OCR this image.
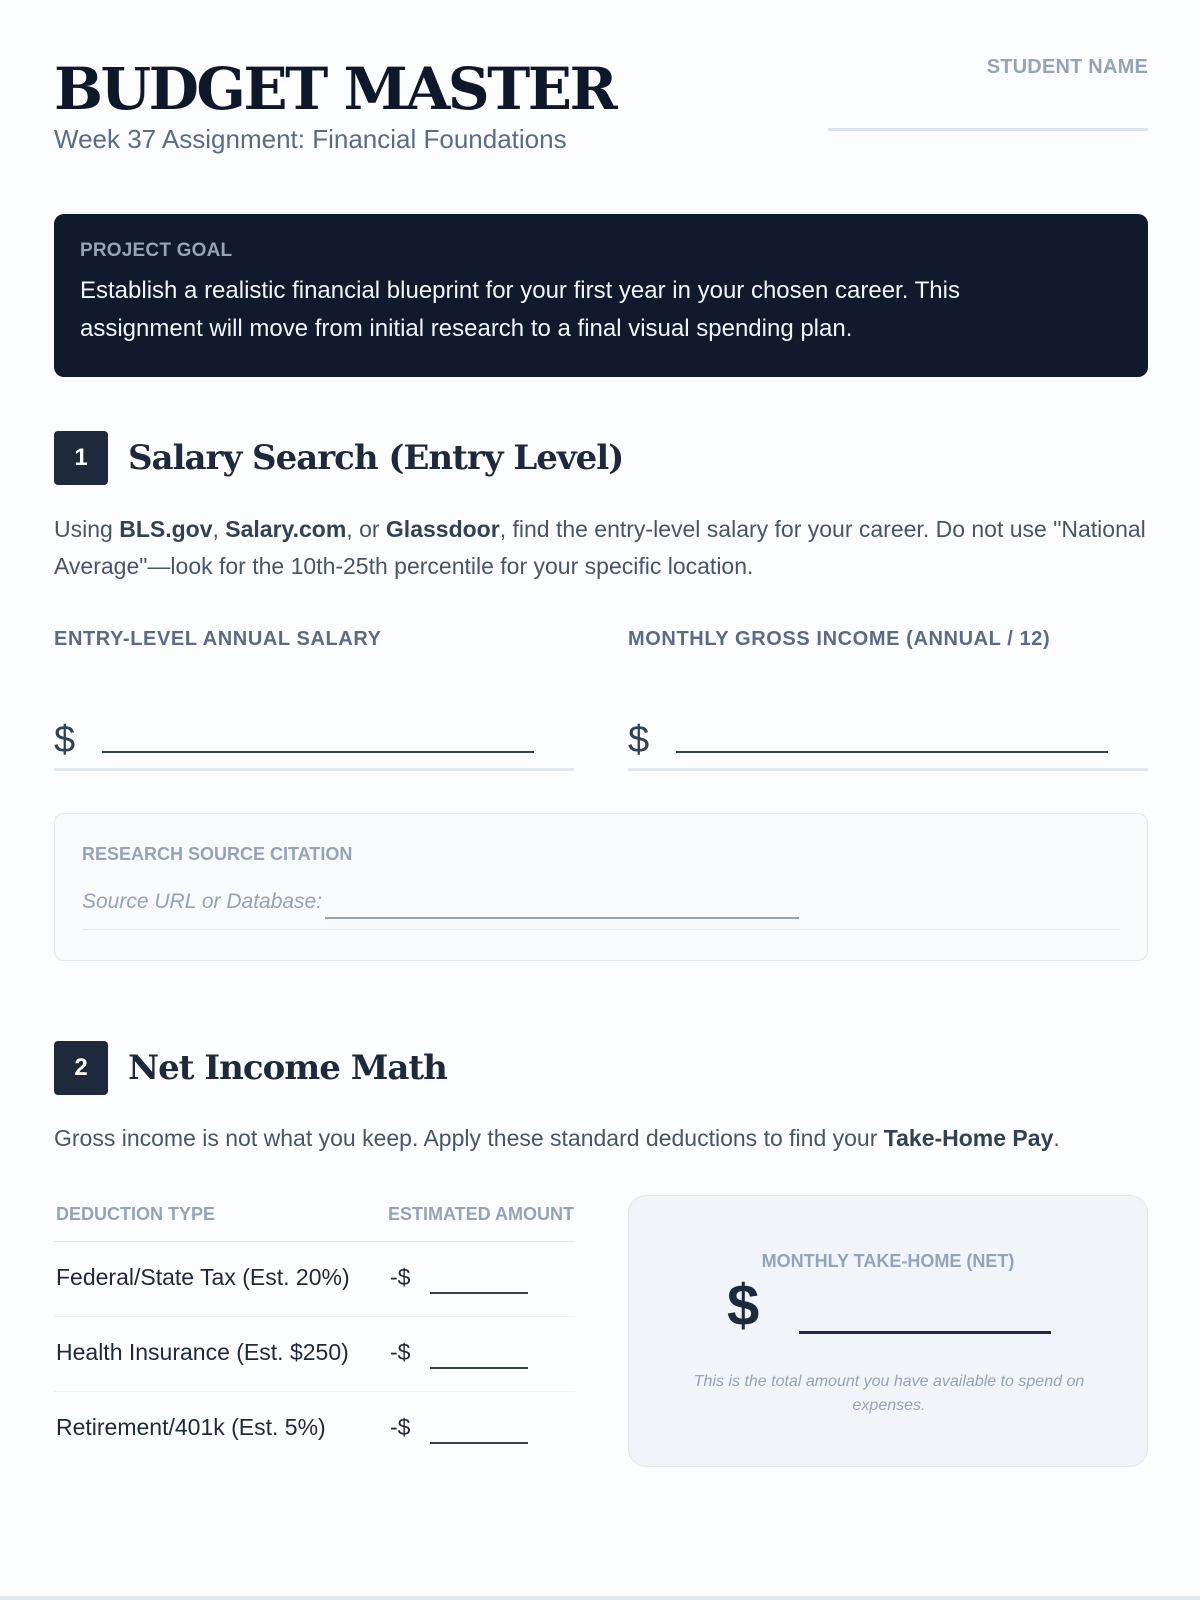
BUDGET MASTER
Week 37 Assignment: Financial Foundations
STUDENT NAME
PROJECT GOAL
Establish a realistic financial blueprint for your first year in your chosen career. This assignment will move from initial research to a final visual spending plan.
1	Salary Search (Entry Level)
Using BLS.gov, Salary.com, or Glassdoor, find the entry-level salary for your career. Do not use "National Average"—look for the 10th-25th percentile for your specific location.
ENTRY-LEVEL ANNUAL SALARY	MONTHLY GROSS INCOME (ANNUAL / 12)
$	$
RESEARCH SOURCE CITATION
Source URL or Database:
2	Net Income Math
Gross income is not what you keep. Apply these standard deductions to find your Take-Home Pay.
DEDUCTION TYPE	ESTIMATED AMOUNT
Federal/State Tax (Est. 20%) -$
Health Insurance (Est. $250) -$
Retirement/401k (Est. 5%)	-$
MONTHLY TAKE-HOME (NET)
$
This is the total amount you have available to spend on expenses.
